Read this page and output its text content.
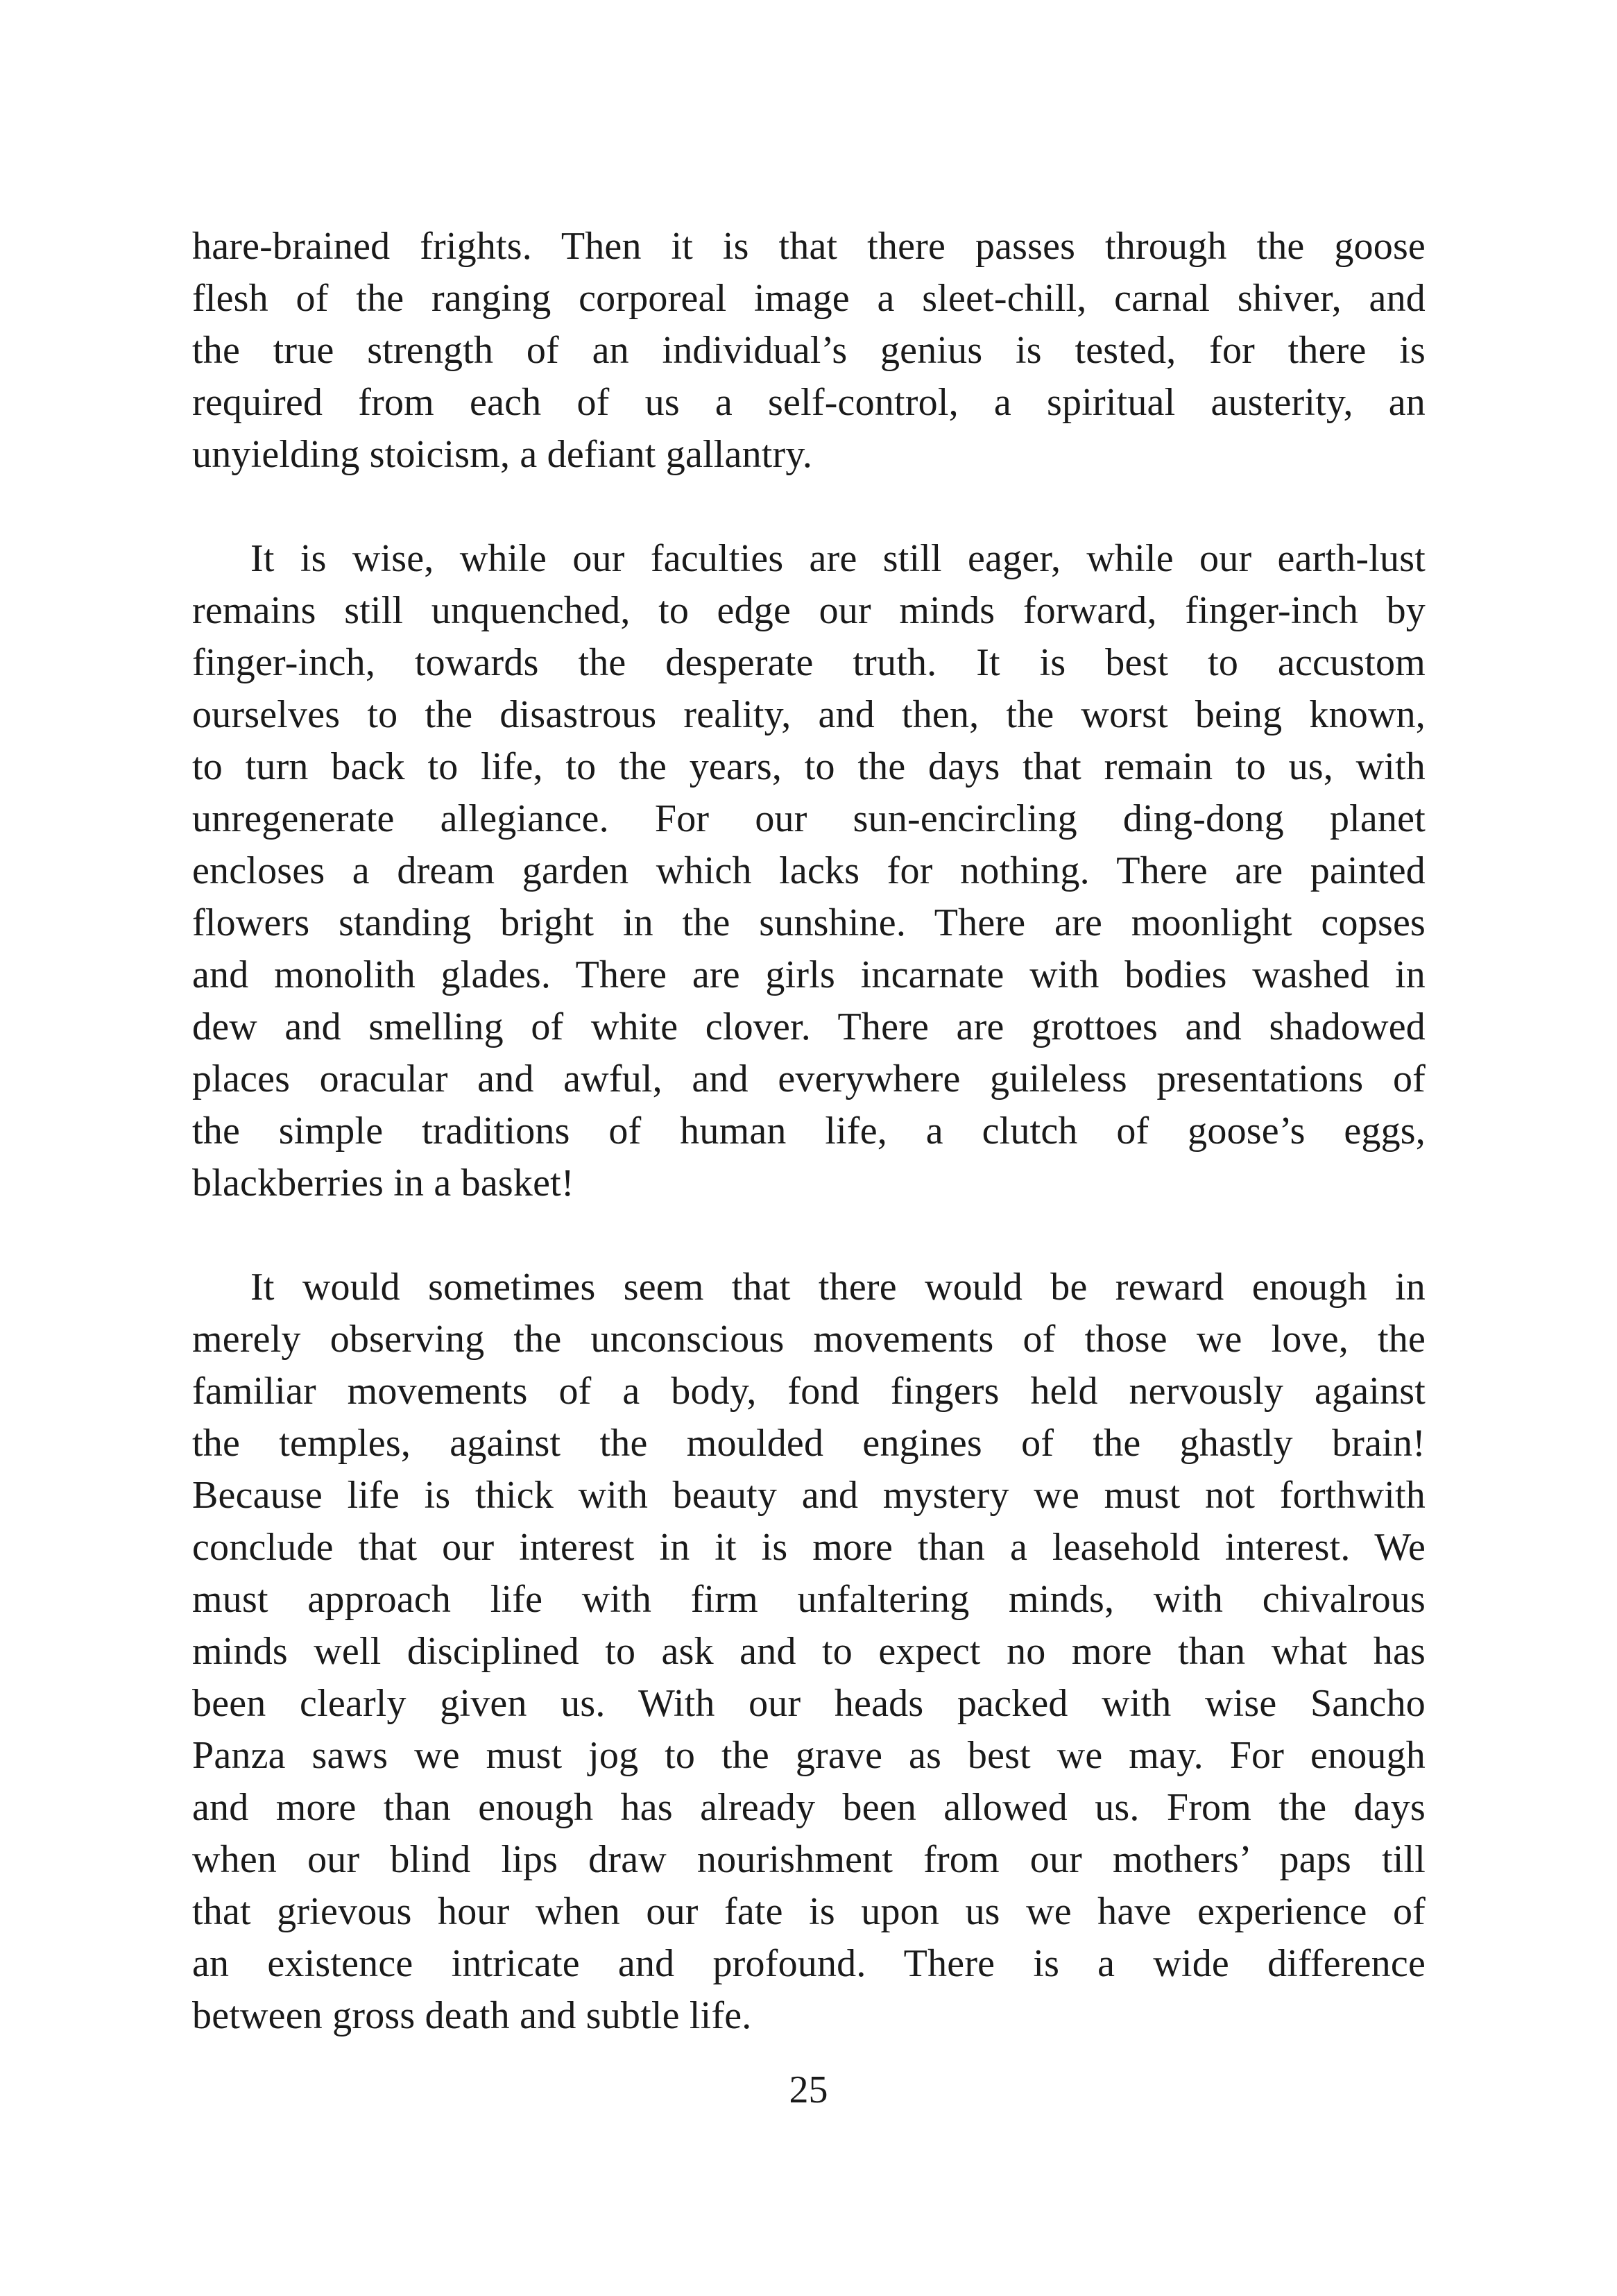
hare-brained frights. Then it is that there passes through the goose
flesh of the ranging corporeal image a sleet-chill, carnal shiver, and
the true strength of an individual’s genius is tested, for there is
required from each of us a self-control, a spiritual austerity, an
unyielding stoicism, a defiant gallantry.

It is wise, while our faculties are still eager, while our earth-lust
remains still unquenched, to edge our minds forward, finger-inch by
finger-inch, towards the desperate truth. It is best to accustom
ourselves to the disastrous reality, and then, the worst being known,
to turn back to life, to the years, to the days that remain to us, with
unregenerate allegiance. For our sun-encircling ding-dong planet
encloses a dream garden which lacks for nothing. There are painted
flowers standing bright in the sunshine. There are moonlight copses
and monolith glades. There are girls incarnate with bodies washed in
dew and smelling of white clover. There are grottoes and shadowed
places oracular and awful, and everywhere guileless presentations of
the simple traditions of human life, a clutch of goose’s eggs,
blackberries in a basket!

It would sometimes seem that there would be reward enough in
merely observing the unconscious movements of those we love, the
familiar movements of a body, fond fingers held nervously against
the temples, against the moulded engines of the ghastly brain!
Because life is thick with beauty and mystery we must not forthwith
conclude that our interest in it is more than a leasehold interest. We
must approach life with firm unfaltering minds, with chivalrous
minds well disciplined to ask and to expect no more than what has
been clearly given us. With our heads packed with wise Sancho
Panza saws we must jog to the grave as best we may. For enough
and more than enough has already been allowed us. From the days
when our blind lips draw nourishment from our mothers’ paps till
that grievous hour when our fate is upon us we have experience of
an existence intricate and profound. There is a wide difference
between gross death and subtle life.

25
